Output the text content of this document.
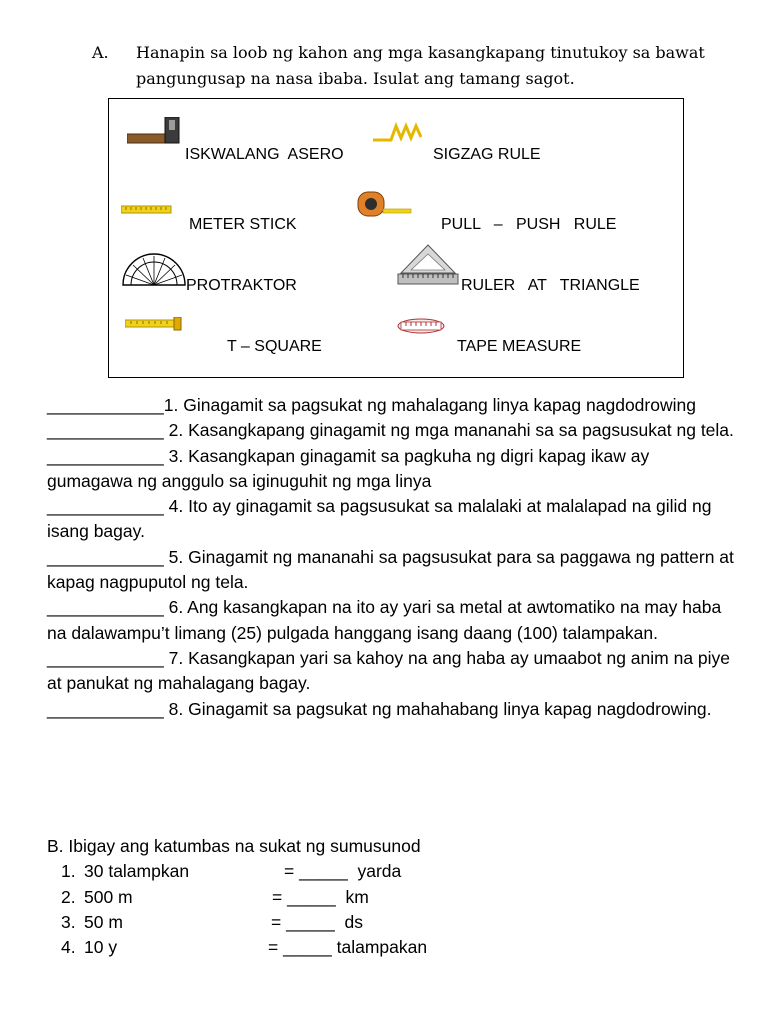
A. Hanapin sa loob ng kahon ang mga kasangkapang tinutukoy sa bawat pangungusap na nasa ibaba. Isulat ang tamang sagot.
ISKWALANG  ASERO	SIGZAG RULE
METER STICK	PULL   –   PUSH   RULE
PROTRAKTOR	RULER   AT   TRIANGLE
T – SQUARE	TAPE MEASURE

____________1. Ginagamit sa pagsukat ng mahalagang linya kapag nagdodrowing

____________ 2. Kasangkapang ginagamit ng mga mananahi sa sa pagsusukat ng tela.

____________ 3. Kasangkapan ginagamit sa pagkuha ng digri kapag ikaw ay gumagawa ng anggulo sa iginuguhit ng mga linya

____________ 4. Ito ay ginagamit sa pagsusukat sa malalaki at malalapad na gilid ng isang bagay.

____________ 5. Ginagamit ng mananahi sa pagsusukat para sa paggawa ng pattern at kapag nagpuputol ng tela.

____________ 6. Ang kasangkapan na ito ay yari sa metal at awtomatiko na may haba na dalawampu’t limang (25) pulgada hanggang isang daang (100) talampakan.

____________ 7. Kasangkapan yari sa kahoy na ang haba ay umaabot ng anim na piye at panukat ng mahalagang bagay.

____________ 8. Ginagamit sa pagsukat ng mahahabang linya kapag nagdodrowing.

B. Ibigay ang katumbas na sukat ng sumusunod
1. 30 talampkan	= _____  yarda
2. 500 m	= _____  km
3. 50 m	= _____  ds
4. 10 y	= _____ talampakan
